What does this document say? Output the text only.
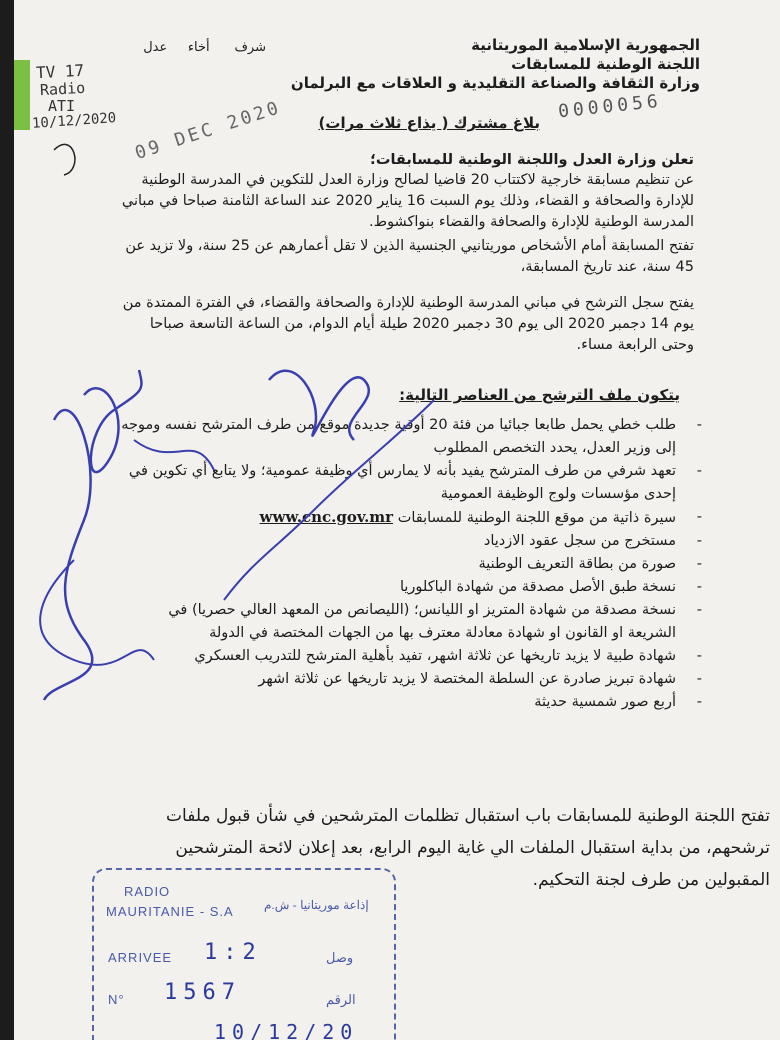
الجمهورية الإسلامية الموريتانية
اللجنة الوطنية للمسابقات
وزارة الثقافة والصناعة التقليدية و العلاقات مع البرلمان
شرف      أخاء     عدل
TV 17
Radio
ATI
10/12/2020	0000056
09 DEC 2020 بلاغ مشترك ( يذاع ثلاث مرات)
تعلن وزارة العدل واللجنة الوطنية للمسابقات؛
عن تنظيم مسابقة خارجية لاكتتاب 20 قاضيا لصالح وزارة العدل للتكوين في المدرسة الوطنية للإدارة والصحافة و القضاء، وذلك يوم السبت 16 يناير 2020 عند الساعة الثامنة صباحا في مباني المدرسة الوطنية للإدارة والصحافة والقضاء بنواكشوط.
تفتح المسابقة أمام الأشخاص موريتانيي الجنسية الذين لا تقل أعمارهم عن 25 سنة، ولا تزيد عن 45 سنة، عند تاريخ المسابقة،
يفتح سجل الترشح في مباني المدرسة الوطنية للإدارة والصحافة والقضاء، في الفترة الممتدة من يوم 14 دجمبر 2020 الى يوم 30 دجمبر 2020 طيلة أيام الدوام، من الساعة التاسعة صباحا وحتى الرابعة مساء.
يتكون ملف الترشح من العناصر التالية:
-
طلب خطي يحمل طابعا جبائيا من فئة 20 أوقية جديدة موقع من طرف المترشح نفسه وموجه إلى وزير العدل، يحدد التخصص المطلوب
-
تعهد شرفي من طرف المترشح يفيد بأنه لا يمارس أي وظيفة عمومية؛ ولا يتابع أي تكوين في إحدى مؤسسات ولوج الوظيفة العمومية
-
سيرة ذاتية من موقع اللجنة الوطنية للمسابقات www.cnc.gov.mr
-
مستخرج من سجل عقود الازدياد
-
صورة من بطاقة التعريف الوطنية
-
نسخة طبق الأصل مصدقة من شهادة الباكلوريا
-
نسخة مصدقة من شهادة المتريز او الليانس؛ (الليصانص من المعهد العالي حصريا) في الشريعة او القانون او شهادة معادلة معترف بها من الجهات المختصة في الدولة
-
شهادة طبية لا يزيد تاريخها عن ثلاثة اشهر، تفيد بأهلية المترشح للتدريب العسكري
-
شهادة تبريز صادرة عن السلطة المختصة لا يزيد تاريخها عن ثلاثة اشهر
-
أربع صور شمسية حديثة
تفتح اللجنة الوطنية للمسابقات باب استقبال تظلمات المترشحين في شأن قبول ملفات ترشحهم، من بداية استقبال الملفات الي غاية اليوم الرابع، بعد إعلان لائحة المترشحين المقبولين من طرف لجنة التحكيم.
RADIO
MAURITANIE - S.A	إذاعة موريتانيا - ش.م
ARRIVEE 1:2	وصل
N° 1567	الرقم
10/12/20
